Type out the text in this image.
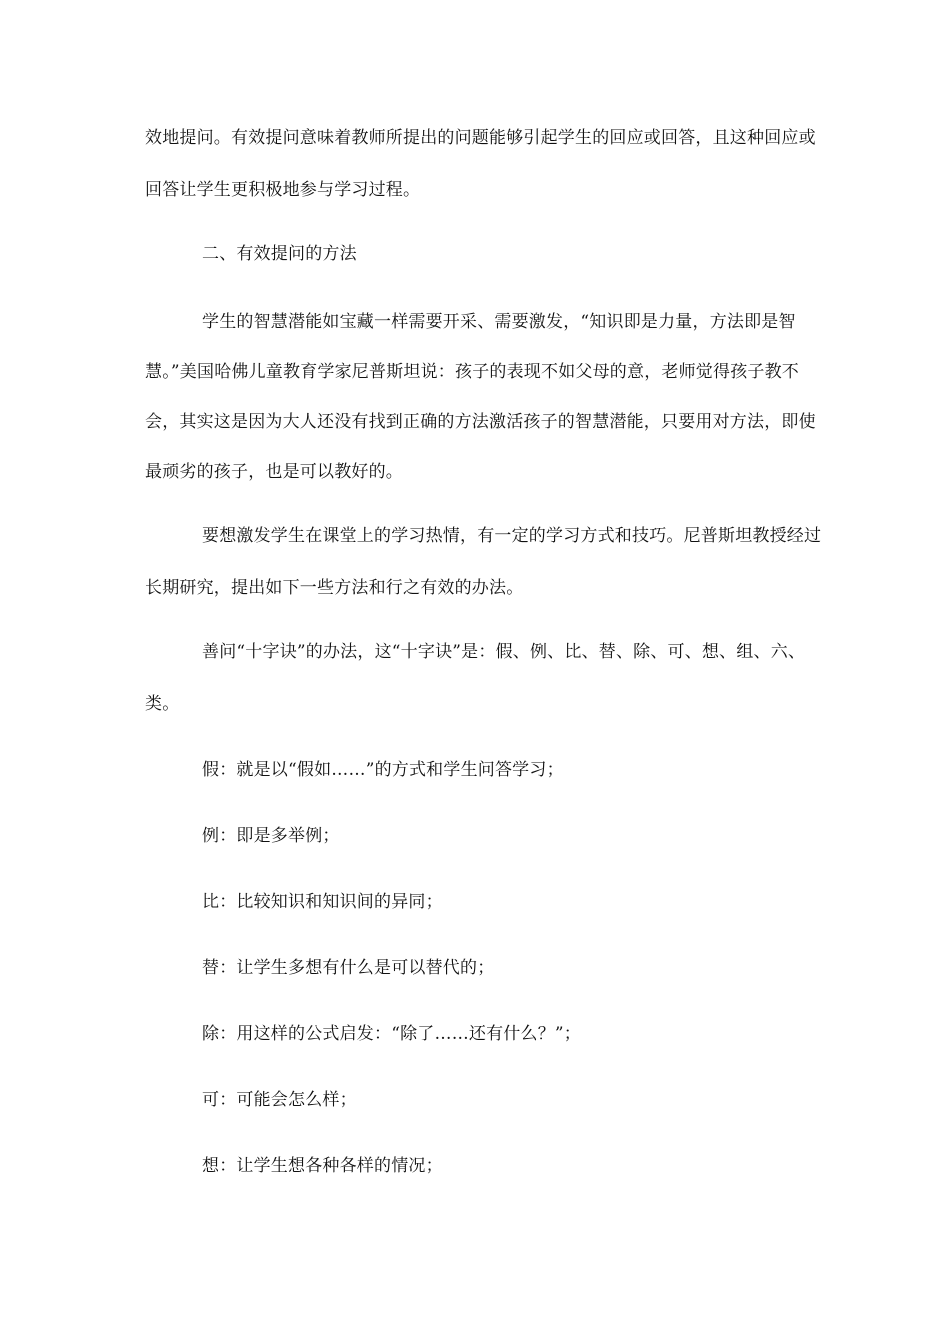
效地提问。有效提问意味着教师所提出的问题能够引起学生的回应或回答，且这种回应或
回答让学生更积极地参与学习过程。
二、有效提问的方法
学生的智慧潜能如宝藏一样需要开采、需要激发，“知识即是力量，方法即是智
慧。”美国哈佛儿童教育学家尼普斯坦说：孩子的表现不如父母的意，老师觉得孩子教不
会，其实这是因为大人还没有找到正确的方法激活孩子的智慧潜能，只要用对方法，即使
最顽劣的孩子，也是可以教好的。
要想激发学生在课堂上的学习热情，有一定的学习方式和技巧。尼普斯坦教授经过
长期研究，提出如下一些方法和行之有效的办法。
善问“十字诀”的办法，这“十字诀”是：假、例、比、替、除、可、想、组、六、
类。
假：就是以“假如……”的方式和学生问答学习；
例：即是多举例；
比：比较知识和知识间的异同；
替：让学生多想有什么是可以替代的；
除：用这样的公式启发：“除了……还有什么？”；
可：可能会怎么样；
想：让学生想各种各样的情况；
